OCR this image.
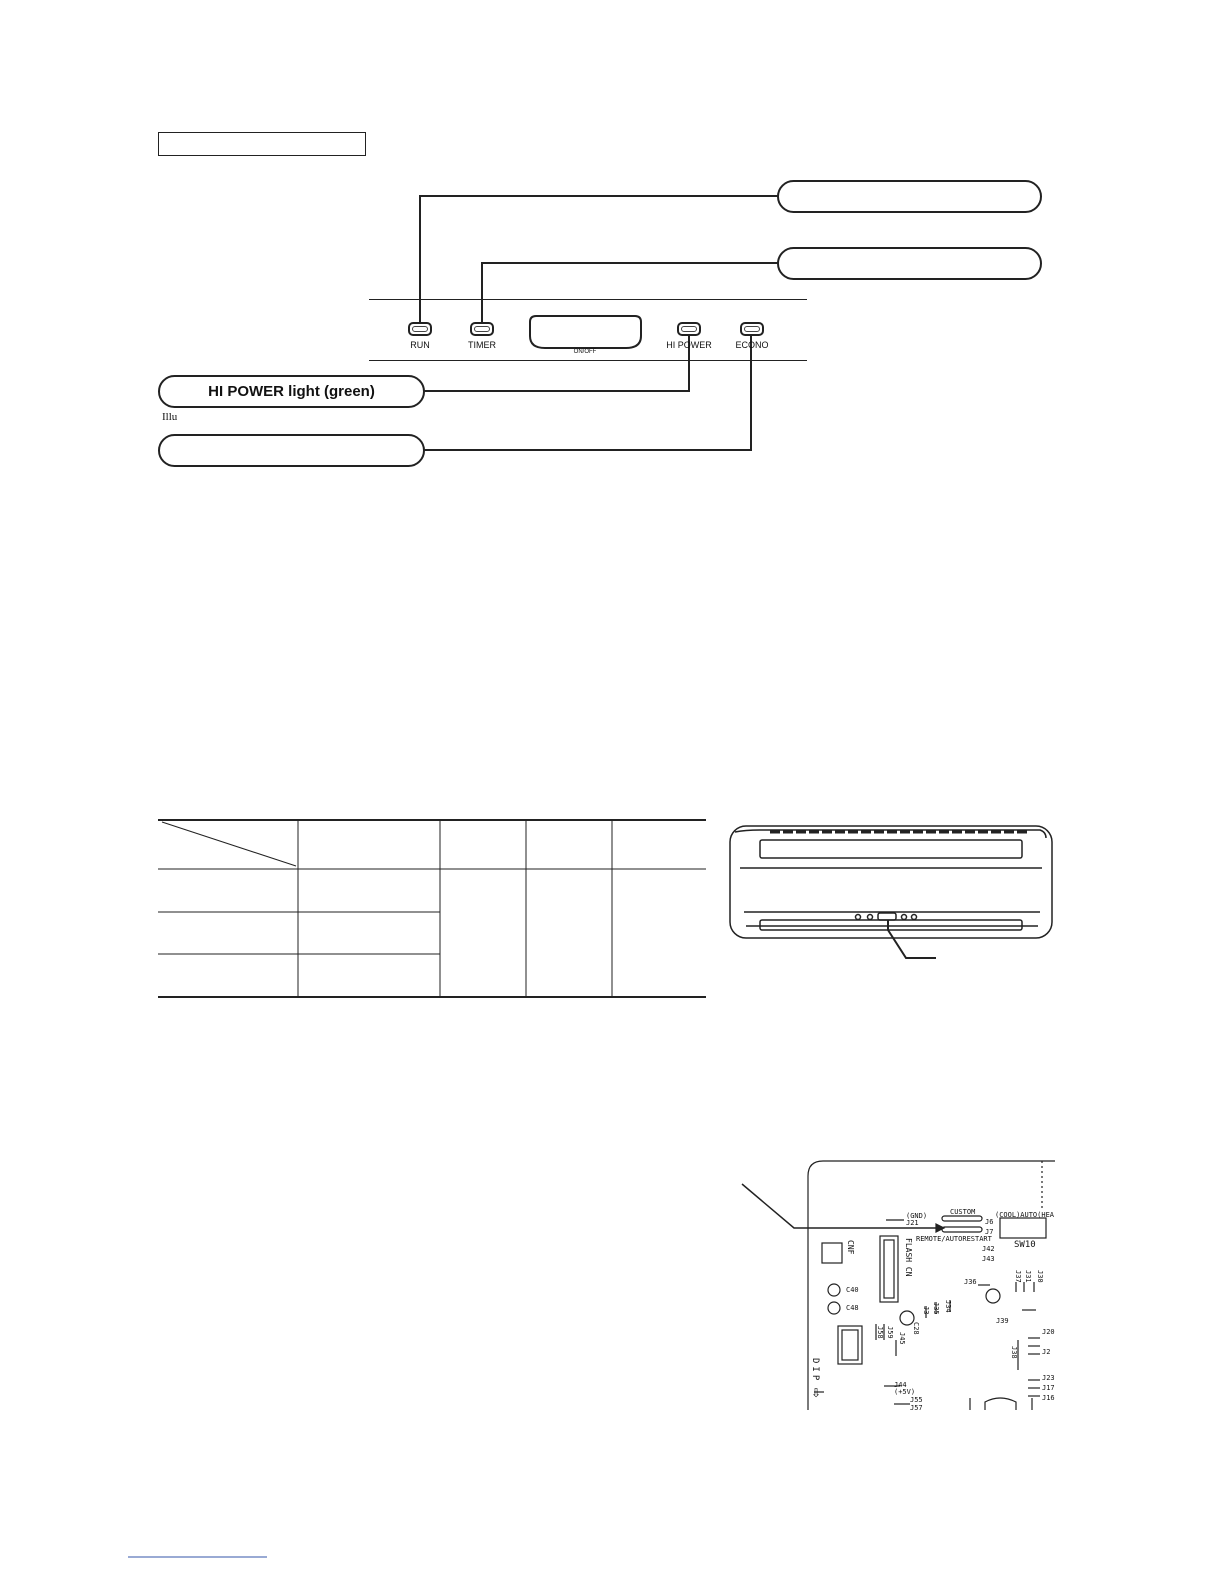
HI POWER light (green)
Illu
RUN	TIMER
ON/OFF
HI POWER	ECONO
(GND)
J21
CUSTOM	(COOL)AUTO(HEA
J6
J7
REMOTE/AUTORESTART
SW10
J42
J43
FLASH CN
CNF
C40
C48
J36	J37 J31 J30
J34
J35
J3
C28
J59
J58 J45
J39
J20
J2
J38
J23
J17
J16
J44
(+5V)
J55
J57
DIP
⇩
